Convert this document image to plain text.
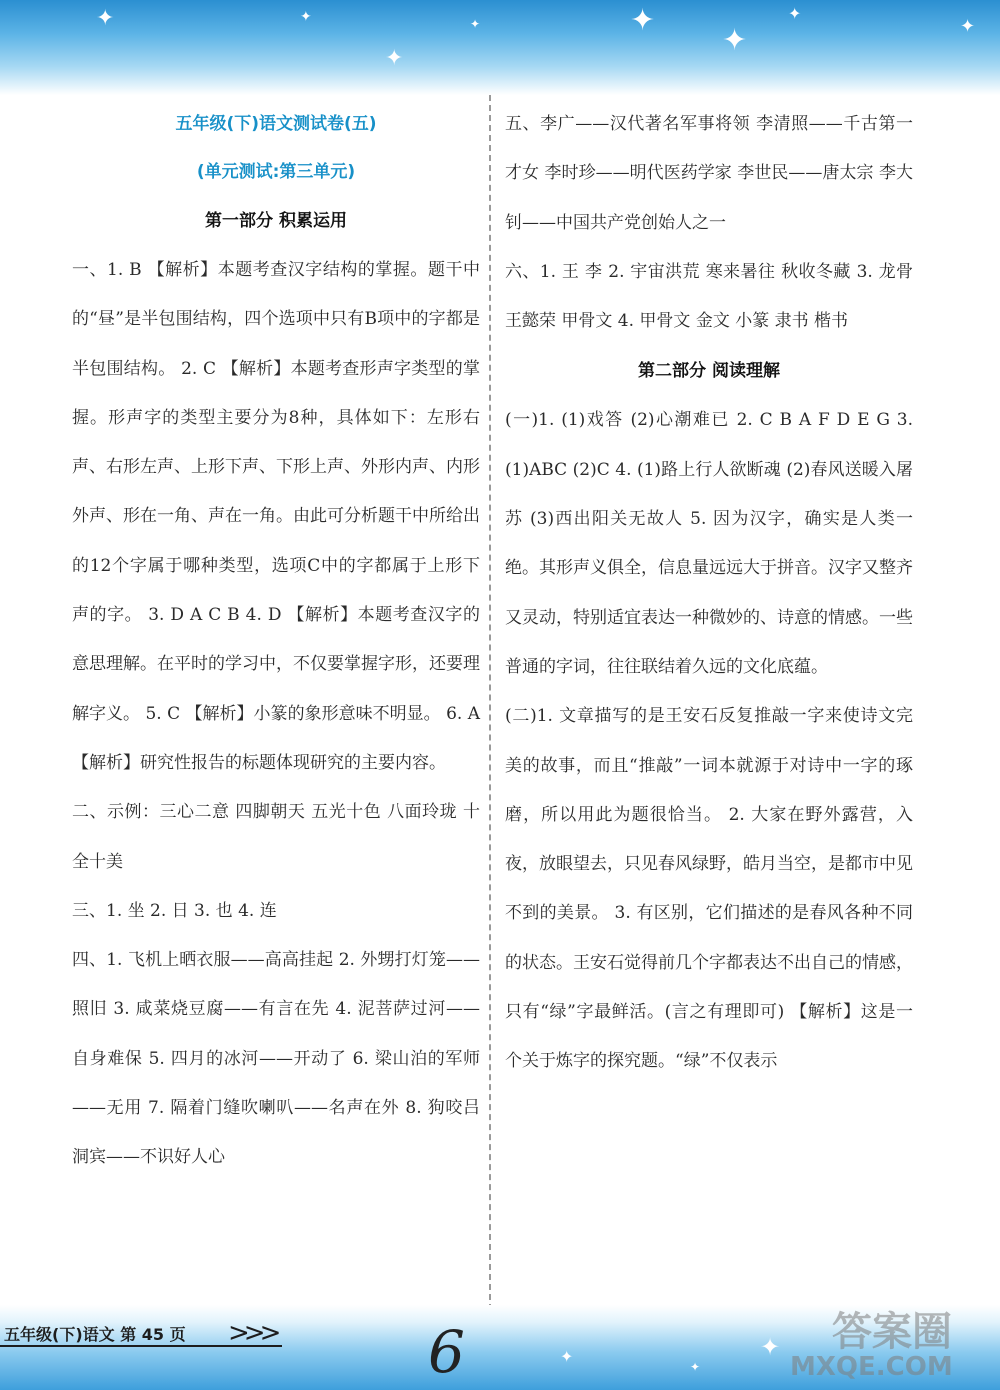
✦	✦
✦
✦	✦
✦
✦
✦
五年级(下)语文测试卷(五)
(单元测试:第三单元)
第一部分 积累运用
一、1. B 【解析】本题考查汉字结构的掌握。题干中的“昼”是半包围结构，四个选项中只有B项中的字都是半包围结构。 2. C 【解析】本题考查形声字类型的掌握。形声字的类型主要分为8种，具体如下：左形右声、右形左声、上形下声、下形上声、外形内声、内形外声、形在一角、声在一角。由此可分析题干中所给出的12个字属于哪种类型，选项C中的字都属于上形下声的字。 3. D A C B 4. D 【解析】本题考查汉字的意思理解。在平时的学习中，不仅要掌握字形，还要理解字义。 5. C 【解析】小篆的象形意味不明显。 6. A 【解析】研究性报告的标题体现研究的主要内容。
二、示例：三心二意 四脚朝天 五光十色 八面玲珑 十全十美
三、1. 坐 2. 日 3. 也 4. 连
四、1. 飞机上晒衣服——高高挂起 2. 外甥打灯笼——照旧 3. 咸菜烧豆腐——有言在先 4. 泥菩萨过河——自身难保 5. 四月的冰河——开动了 6. 梁山泊的军师——无用 7. 隔着门缝吹喇叭——名声在外 8. 狗咬吕洞宾——不识好人心
五、李广——汉代著名军事将领 李清照——千古第一才女 李时珍——明代医药学家 李世民——唐太宗 李大钊——中国共产党创始人之一
六、1. 王 李 2. 宇宙洪荒 寒来暑往 秋收冬藏 3. 龙骨 王懿荣 甲骨文 4. 甲骨文 金文 小篆 隶书 楷书
第二部分 阅读理解
(一)1. (1)戏答 (2)心潮难已 2. C B A F D E G 3. (1)ABC (2)C 4. (1)路上行人欲断魂 (2)春风送暖入屠苏 (3)西出阳关无故人 5. 因为汉字，确实是人类一绝。其形声义俱全，信息量远远大于拼音。汉字又整齐又灵动，特别适宜表达一种微妙的、诗意的情感。一些普通的字词，往往联结着久远的文化底蕴。
(二)1. 文章描写的是王安石反复推敲一字来使诗文完美的故事，而且“推敲”一词本就源于对诗中一字的琢磨，所以用此为题很恰当。 2. 大家在野外露营，入夜，放眼望去，只见春风绿野，皓月当空，是都市中见不到的美景。 3. 有区别，它们描述的是春风各种不同的状态。王安石觉得前几个字都表达不出自己的情感，只有“绿”字最鲜活。(言之有理即可) 【解析】这是一个关于炼字的探究题。“绿”不仅表示
✦	✦
✦
五年级(下)语文 第 45 页 >>>	6	答案圈
MXQE.COM
